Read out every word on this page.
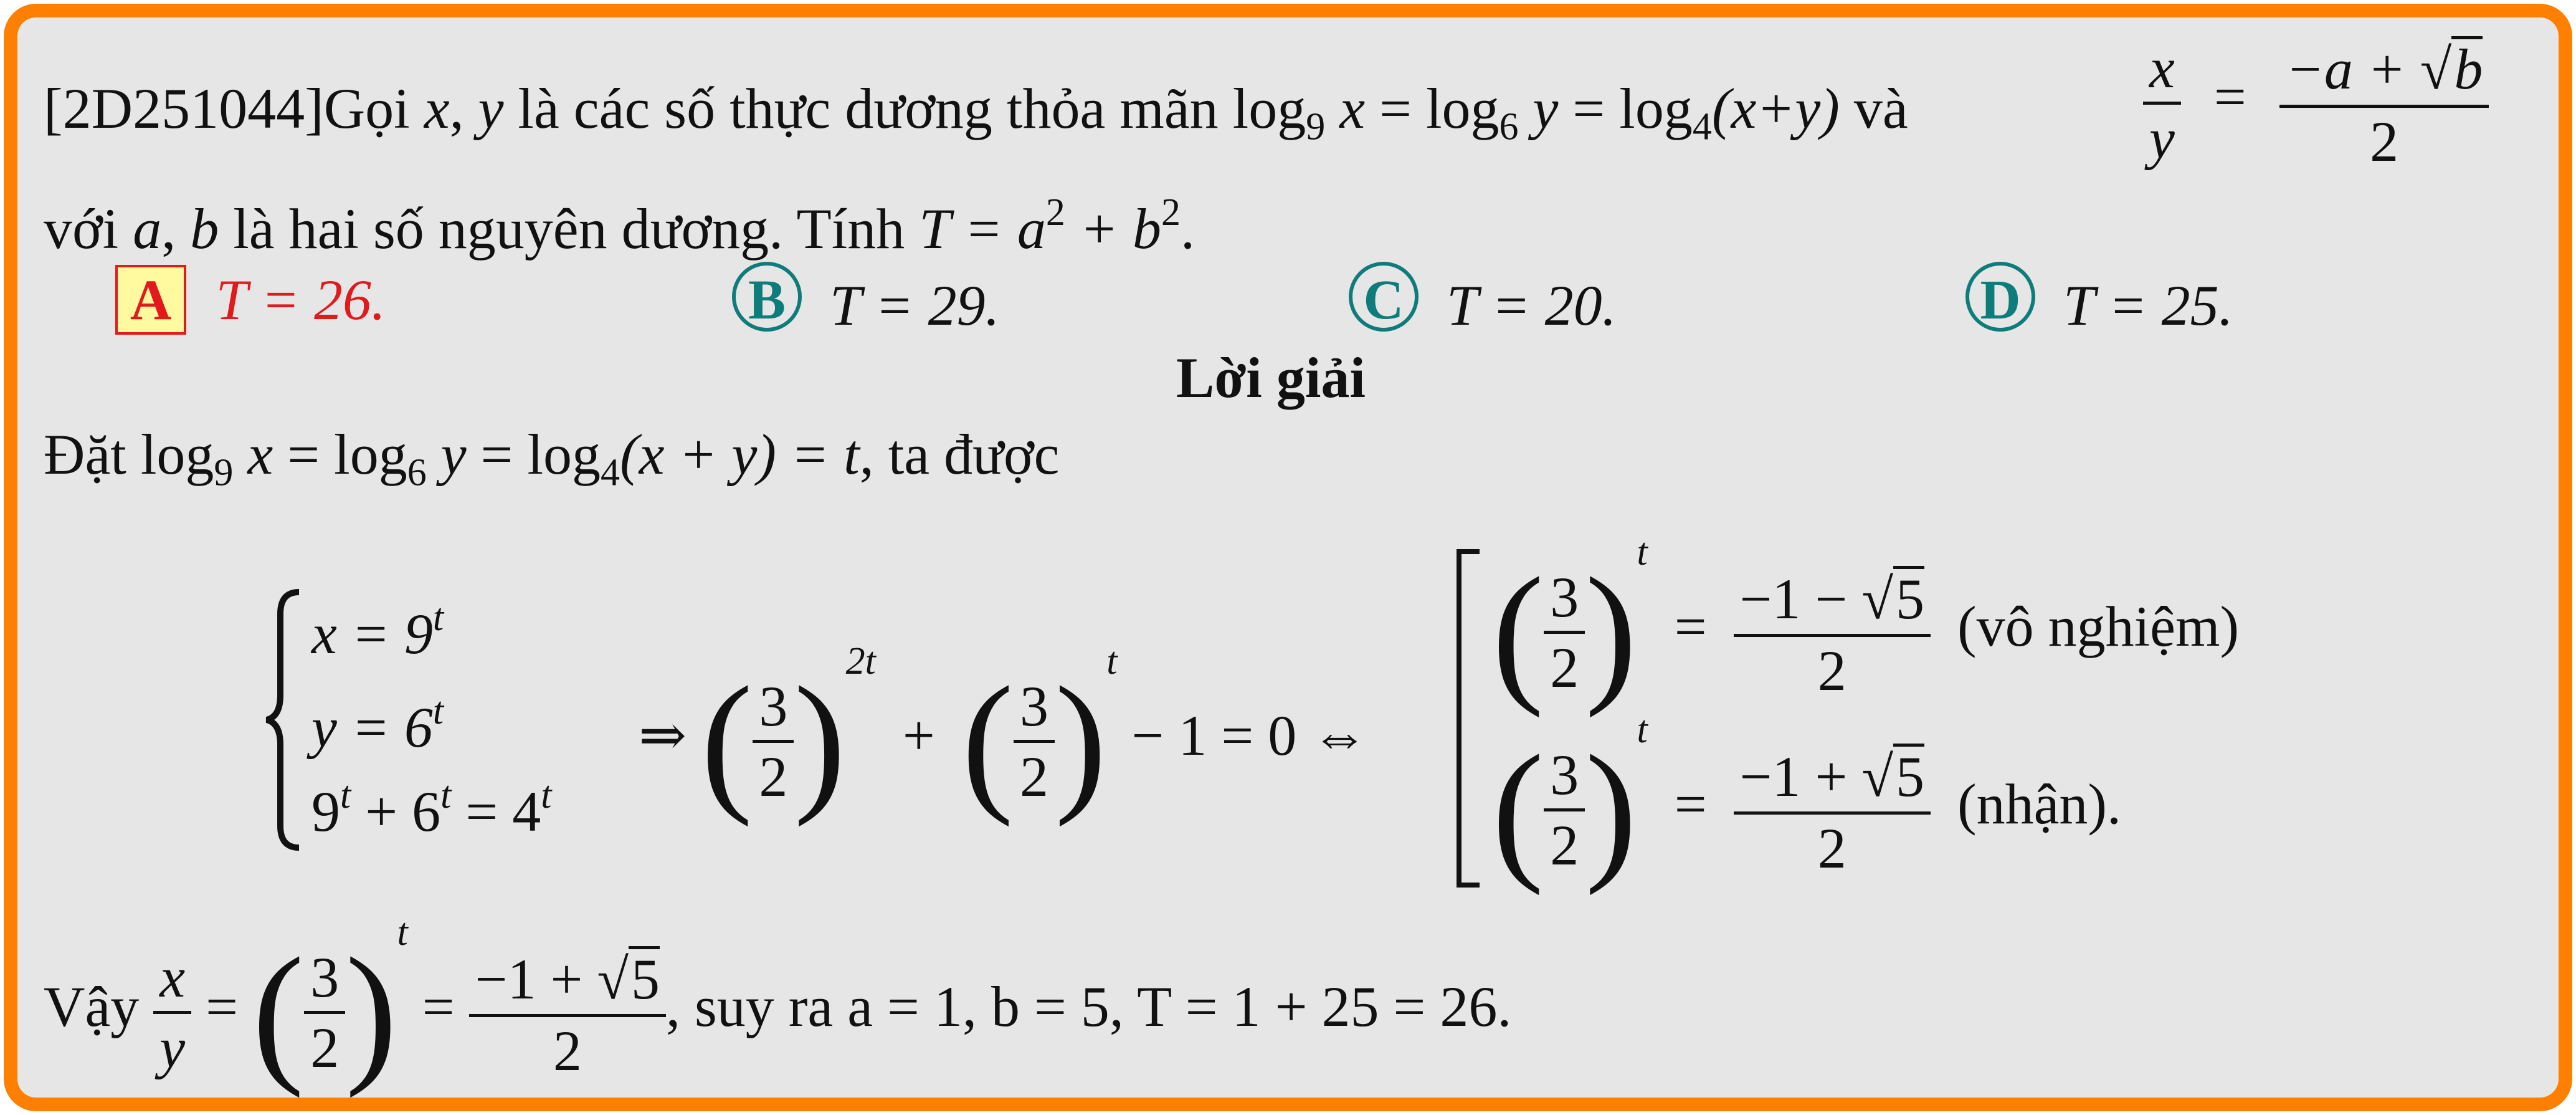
[2D251044]Gọi x, y là các số thực dương thỏa mãn $\log_9 x = \log_6 y = \log_4(x+y)$ và	$\frac{x}{y} = \frac{-a + √b}{2}$
với a, b là hai số nguyên dương. Tính $T = a^2 + b^2$.
A T = 26.	B T = 29.	C T = 20.	D T = 25.
Lời giải
Đặt $\log_9 x = \log_6 y = \log_4(x + y) = t$, ta được
$x = 9^t$
$y = 6^t$
$9^t + 6^t = 4^t$
⇒ ( $\frac{3}{2} )^{2t}$ + ( $\frac{3}{2} )^t - 1 = 0$ ⇔
( $\frac{3}{2} )^t = \frac{-1 - √5}{2}$ (vô nghiệm)
( $\frac{3}{2} )^t = \frac{-1 + √5}{2}$ (nhận).
Vậy $\frac{x}{y}$ = ( $\frac{3}{2} )^t = \frac{-1 + √5}{2}$ , suy ra a = 1, b = 5, T = 1 + 25 = 26.
